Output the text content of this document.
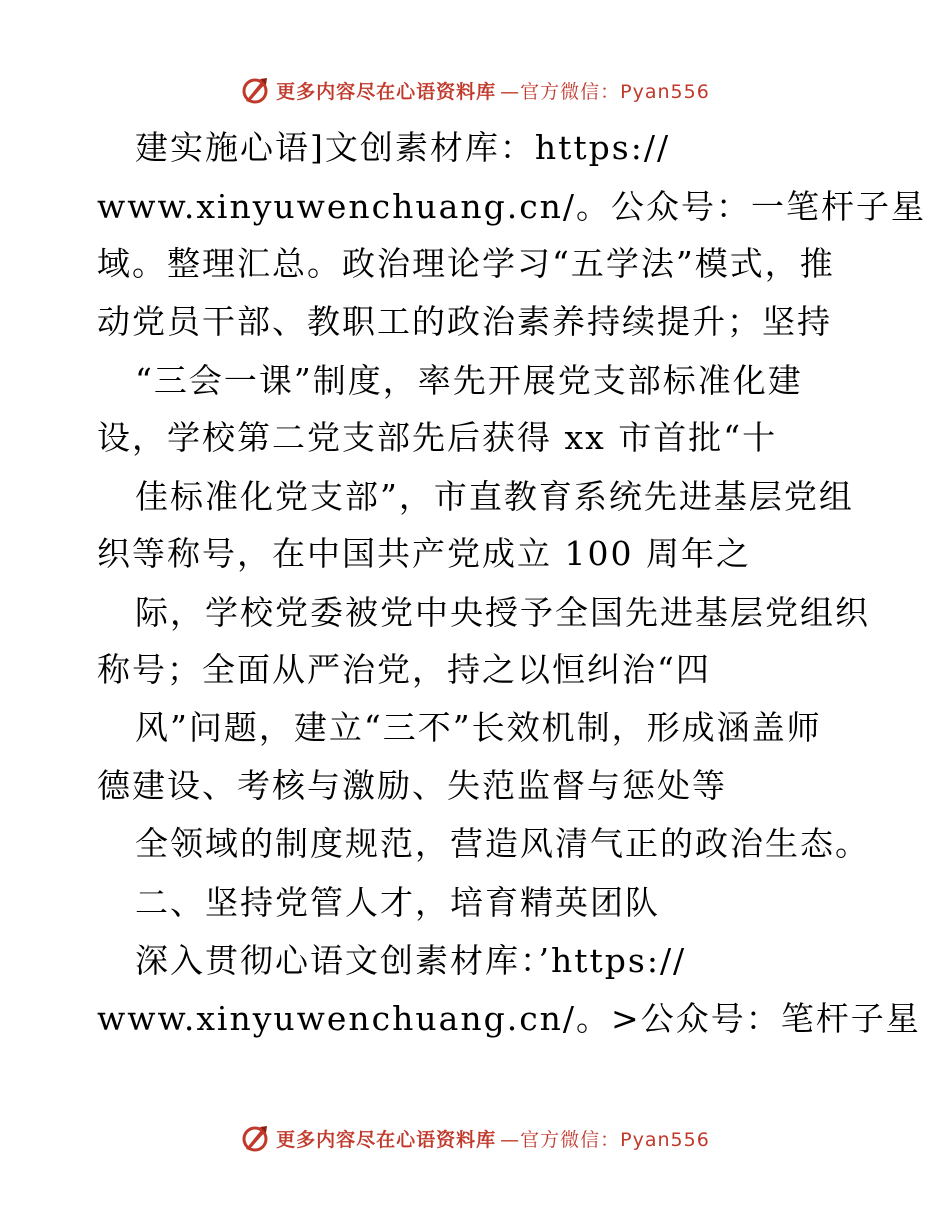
更多内容尽在心语资料库 —官方微信：Pyan556
建实施心语]文创素材库：https://
www.xinyuwenchuang.cn/。公众号：一笔杆子星
域。整理汇总。政治理论学习“五学法”模式，推
动党员干部、教职工的政治素养持续提升；坚持
“三会一课”制度，率先开展党支部标准化建
设，学校第二党支部先后获得 xx 市首批“十
佳标准化党支部”，市直教育系统先进基层党组
织等称号，在中国共产党成立 100 周年之
际，学校党委被党中央授予全国先进基层党组织
称号；全面从严治党，持之以恒纠治“四
风”问题，建立“三不”长效机制，形成涵盖师
德建设、考核与激励、失范监督与惩处等
全领域的制度规范，营造风清气正的政治生态。
二、坚持党管人才，培育精英团队
深入贯彻心语文创素材库：’https://
www.xinyuwenchuang.cn/。>公众号：笔杆子星
更多内容尽在心语资料库 —官方微信：Pyan556
